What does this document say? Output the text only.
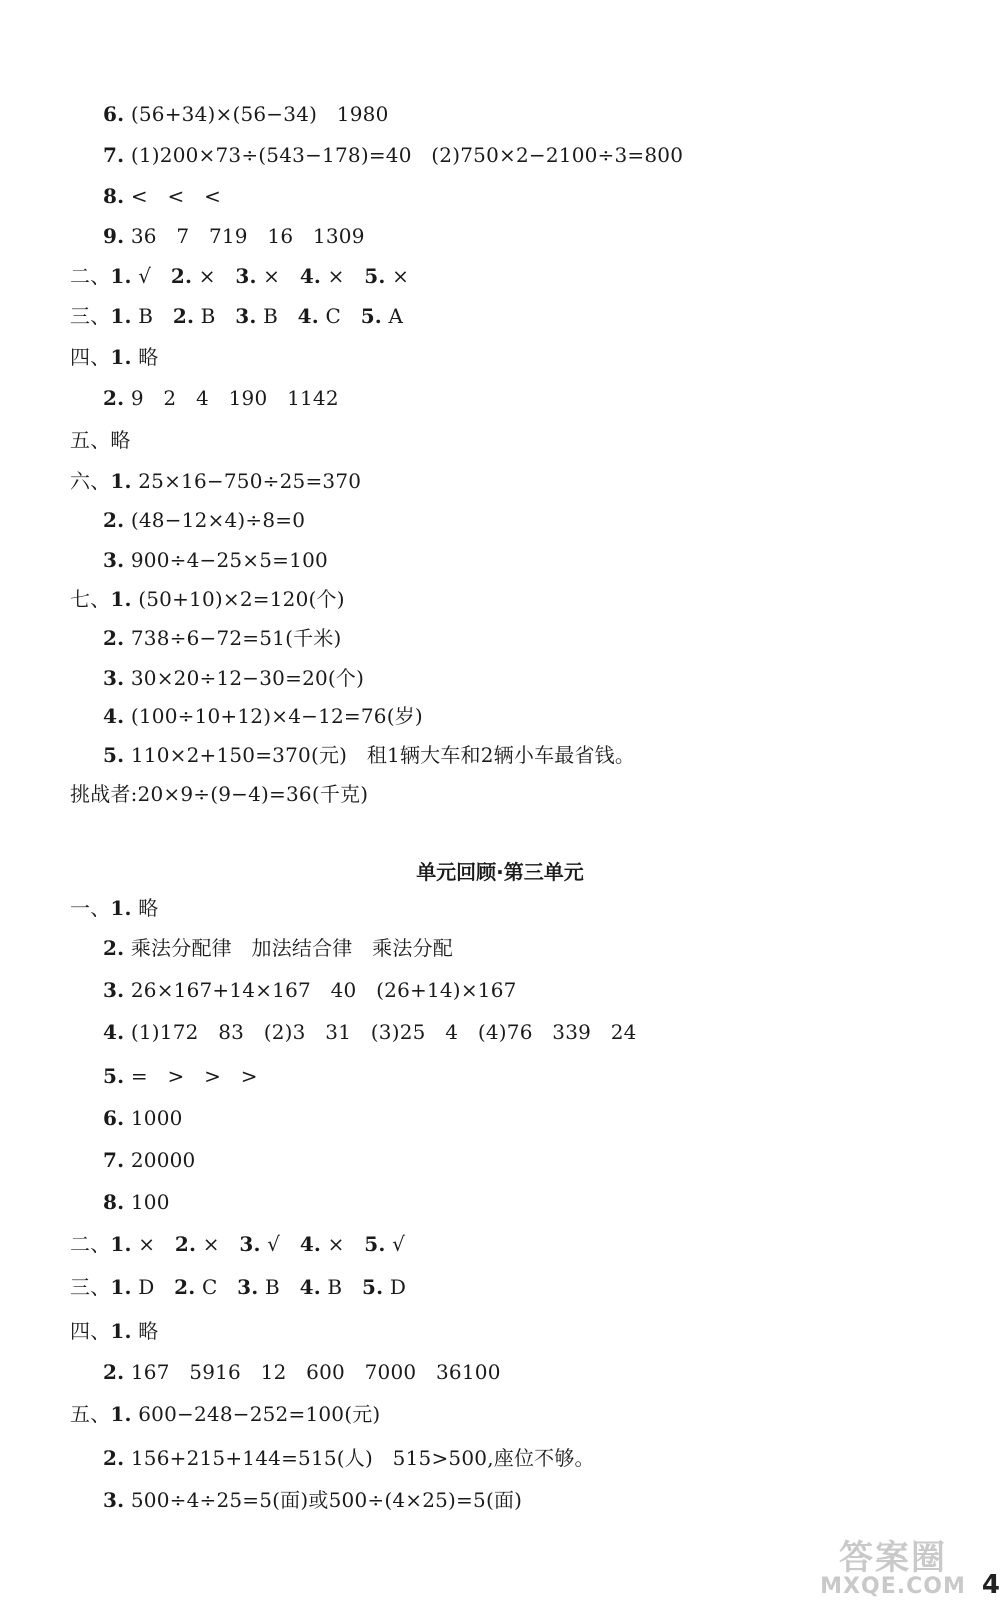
6. (56+34)×(56−34)   1980
7. (1)200×73÷(543−178)=40   (2)750×2−2100÷3=800
8. <   <   <
9. 36   7   719   16   1309
二、1. √   2. ×   3. ×   4. ×   5. ×
三、1. B   2. B   3. B   4. C   5. A
四、1. 略
2. 9   2   4   190   1142
五、略
六、1. 25×16−750÷25=370
2. (48−12×4)÷8=0
3. 900÷4−25×5=100
七、1. (50+10)×2=120(个)
2. 738÷6−72=51(千米)
3. 30×20÷12−30=20(个)
4. (100÷10+12)×4−12=76(岁)
5. 110×2+150=370(元)   租1辆大车和2辆小车最省钱。
挑战者:20×9÷(9−4)=36(千克)
一、1. 略
2. 乘法分配律   加法结合律   乘法分配
3. 26×167+14×167   40   (26+14)×167
4. (1)172   83   (2)3   31   (3)25   4   (4)76   339   24
5. =   >   >   >
6. 1000
7. 20000
8. 100
二、1. ×   2. ×   3. √   4. ×   5. √
三、1. D   2. C   3. B   4. B   5. D
四、1. 略
2. 167   5916   12   600   7000   36100
五、1. 600−248−252=100(元)
2. 156+215+144=515(人)   515>500,座位不够。
3. 500÷4÷25=5(面)或500÷(4×25)=5(面)
单元回顾·第三单元
答案圈
MXQE.COM 4
